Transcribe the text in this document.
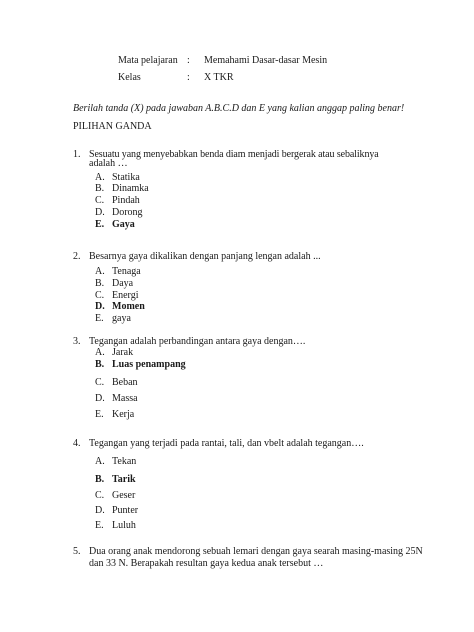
Mata pelajaran : Memahami Dasar-dasar Mesin
Kelas	: X TKR
Berilah tanda (X) pada jawaban A.B.C.D dan E yang kalian anggap paling benar!
PILIHAN GANDA
1. Sesuatu yang menyebabkan benda diam menjadi bergerak atau sebaliknya
adalah …
A. Statika
B. Dinamka
C. Pindah
D. Dorong
E. Gaya
2. Besarnya gaya dikalikan dengan panjang lengan adalah ...
A. Tenaga
B. Daya
C. Energi
D. Momen
E. gaya
3. Tegangan adalah perbandingan antara gaya dengan….
A. Jarak
B. Luas penampang
C. Beban
D. Massa
E. Kerja
4. Tegangan yang terjadi pada rantai, tali, dan vbelt adalah tegangan….
A. Tekan
B. Tarik
C. Geser
D. Punter
E. Luluh
5. Dua orang anak mendorong sebuah lemari dengan gaya searah masing-masing 25N
dan 33 N. Berapakah resultan gaya kedua anak tersebut …
